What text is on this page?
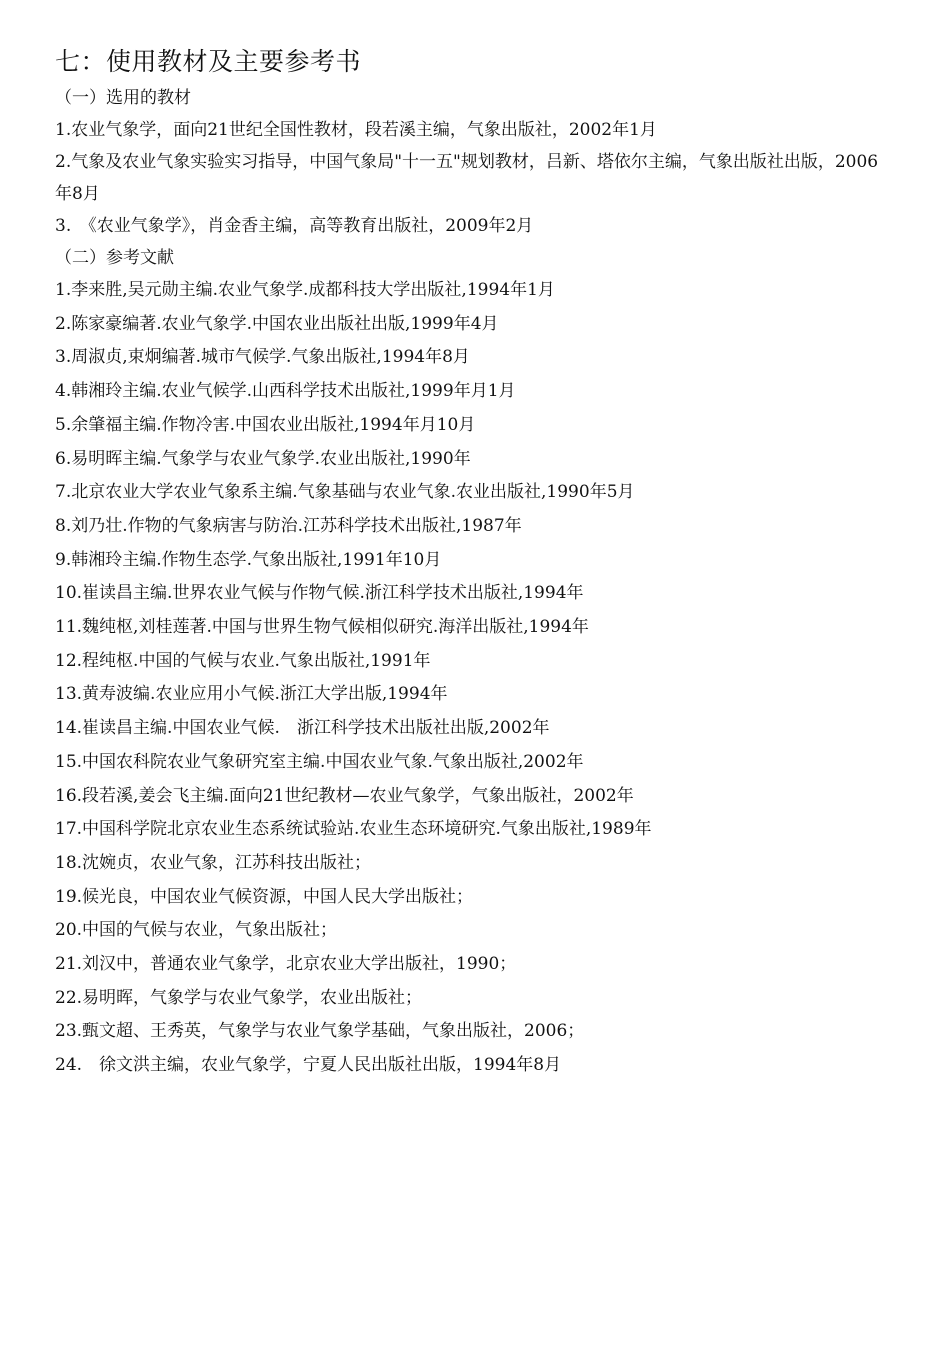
七：使用教材及主要参考书

（一）选用的教材

1.农业气象学，面向21世纪全国性教材，段若溪主编，气象出版社，2002年1月

2.气象及农业气象实验实习指导，中国气象局"十一五"规划教材，吕新、塔依尔主编，气象出版社出版，2006年8月

3.　《农业气象学》，肖金香主编，高等教育出版社，2009年2月

（二）参考文献

1.李来胜,吴元勋主编.农业气象学.成都科技大学出版社,1994年1月

2.陈家豪编著.农业气象学.中国农业出版社出版,1999年4月

3.周淑贞,束炯编著.城市气候学.气象出版社,1994年8月

4.韩湘玲主编.农业气候学.山西科学技术出版社,1999年月1月

5.余肇福主编.作物冷害.中国农业出版社,1994年月10月

6.易明晖主编.气象学与农业气象学.农业出版社,1990年

7.北京农业大学农业气象系主编.气象基础与农业气象.农业出版社,1990年5月

8.刘乃壮.作物的气象病害与防治.江苏科学技术出版社,1987年

9.韩湘玲主编.作物生态学.气象出版社,1991年10月

10.崔读昌主编.世界农业气候与作物气候.浙江科学技术出版社,1994年

11.魏纯枢,刘桂莲著.中国与世界生物气候相似研究.海洋出版社,1994年

12.程纯枢.中国的气候与农业.气象出版社,1991年

13.黄寿波编.农业应用小气候.浙江大学出版,1994年

14.崔读昌主编.中国农业气候.　浙江科学技术出版社出版,2002年

15.中国农科院农业气象研究室主编.中国农业气象.气象出版社,2002年

16.段若溪,姜会飞主编.面向21世纪教材—农业气象学，气象出版社，2002年

17.中国科学院北京农业生态系统试验站.农业生态环境研究.气象出版社,1989年

18.沈婉贞，农业气象，江苏科技出版社；

19.候光良，中国农业气候资源，中国人民大学出版社；

20.中国的气候与农业，气象出版社；

21.刘汉中，普通农业气象学，北京农业大学出版社，1990；

22.易明晖，气象学与农业气象学，农业出版社；

23.甄文超、王秀英，气象学与农业气象学基础，气象出版社，2006；

24.　徐文洪主编，农业气象学，宁夏人民出版社出版，1994年8月
